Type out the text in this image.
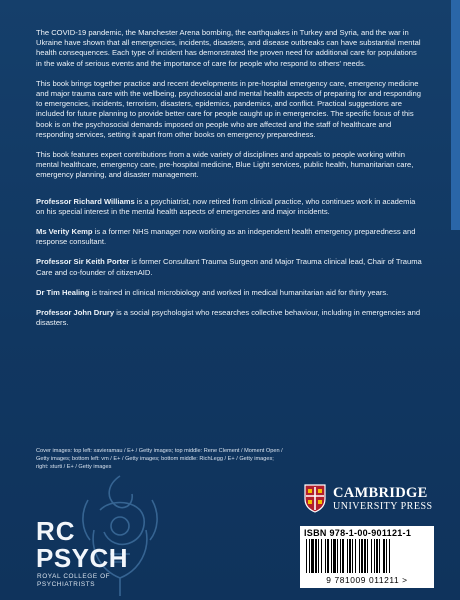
The COVID-19 pandemic, the Manchester Arena bombing, the earthquakes in Turkey and Syria, and the war in Ukraine have shown that all emergencies, incidents, disasters, and disease outbreaks can have substantial mental health consequences. Each type of incident has demonstrated the proven need for additional care for populations in the wake of serious events and the importance of care for people who respond to others' needs.

This book brings together practice and recent developments in pre-hospital emergency care, emergency medicine and major trauma care with the wellbeing, psychosocial and mental health aspects of preparing for and responding to emergencies, incidents, terrorism, disasters, epidemics, pandemics, and conflict. Practical suggestions are included for future planning to provide better care for people caught up in emergencies. The specific focus of this book is on the psychosocial demands imposed on people who are affected and the staff of healthcare and responding services, setting it apart from other books on emergency preparedness.

This book features expert contributions from a wide variety of disciplines and appeals to people working within mental healthcare, emergency care, pre-hospital medicine, Blue Light services, public health, humanitarian care, emergency planning, and disaster management.

Professor Richard Williams is a psychiatrist, now retired from clinical practice, who continues work in academia on his special interest in the mental health aspects of emergencies and major incidents.
Ms Verity Kemp is a former NHS manager now working as an independent health emergency preparedness and response consultant.
Professor Sir Keith Porter is former Consultant Trauma Surgeon and Major Trauma clinical lead, Chair of Trauma Care and co-founder of citizenAID.
Dr Tim Healing is trained in clinical microbiology and worked in medical humanitarian aid for thirty years.
Professor John Drury is a social psychologist who researches collective behaviour, including in emergencies and disasters.
Cover images: top left: xavieramau / E+ / Getty images; top middle: Rene Clement / Moment Open / Getty images; bottom left: vm / E+ / Getty images; bottom middle: RichLegg / E+ / Getty images; right: sturti / E+ / Getty images
RC
PSYCH
ROYAL COLLEGE OF
PSYCHIATRISTS
CAMBRIDGE
UNIVERSITY PRESS
ISBN 978-1-00-901121-1
9 781009 011211 >
